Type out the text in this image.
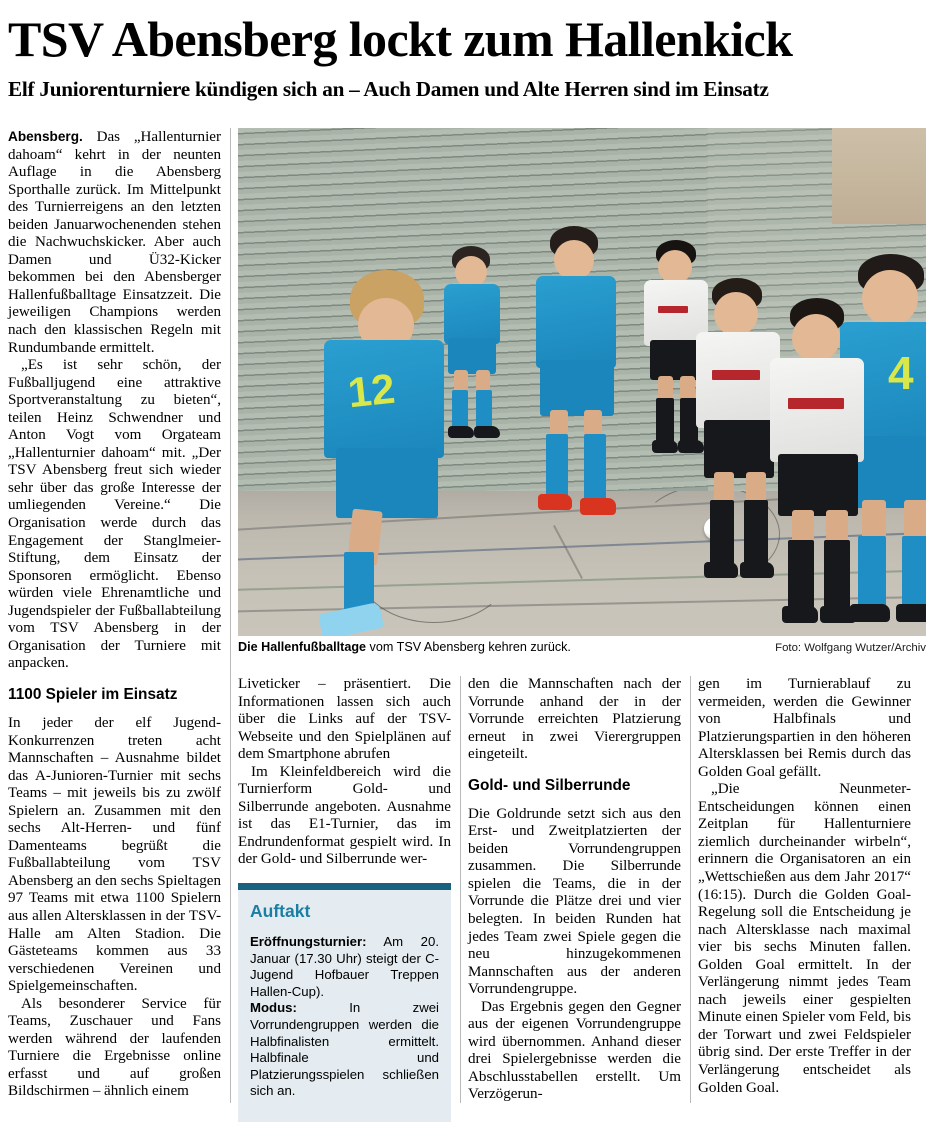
TSV Abensberg lockt zum Hallenkick
Elf Juniorenturniere kündigen sich an – Auch Damen und Alte Herren sind im Einsatz
12	4
Die Hallenfußballtage vom TSV Abensberg kehren zurück.	Foto: Wolfgang Wutzer/Archiv

Abensberg. Das „Hallenturnier dahoam“ kehrt in der neunten Auflage in die Abensberg Sporthalle zurück. Im Mittelpunkt des Turnierreigens an den letzten beiden Januarwochenenden stehen die Nachwuchskicker. Aber auch Damen und Ü32-Kicker bekommen bei den Abensberger Hallenfußballtage Einsatzzeit. Die jeweiligen Champions werden nach den klassischen Regeln mit Rundumbande ermittelt.

„Es ist sehr schön, der Fußballjugend eine attraktive Sportveranstaltung zu bieten“, teilen Heinz Schwendner und Anton Vogt vom Orgateam „Hallenturnier dahoam“ mit. „Der TSV Abensberg freut sich wieder sehr über das große Interesse der umliegenden Vereine.“ Die Organisation werde durch das Engagement der Stanglmeier-Stiftung, dem Einsatz der Sponsoren ermöglicht. Ebenso würden viele Ehrenamtliche und Jugendspieler der Fußballabteilung vom TSV Abensberg in der Organisation der Turniere mit anpacken.

1100 Spieler im Einsatz

In jeder der elf Jugend-Konkurrenzen treten acht Mannschaften – Ausnahme bildet das A-Junioren-Turnier mit sechs Teams – mit jeweils bis zu zwölf Spielern an. Zusammen mit den sechs Alt-Herren- und fünf Damenteams begrüßt die Fußballabteilung vom TSV Abensberg an den sechs Spieltagen 97 Teams mit etwa 1100 Spielern aus allen Altersklassen in der TSV-Halle am Alten Stadion. Die Gästeteams kommen aus 33 verschiedenen Vereinen und Spielgemeinschaften.

Als besonderer Service für Teams, Zuschauer und Fans werden während der laufenden Turniere die Ergebnisse online erfasst und auf großen Bildschirmen – ähnlich einem

Liveticker – präsentiert. Die Informationen lassen sich auch über die Links auf der TSV-Webseite und den Spielplänen auf dem Smartphone abrufen

Im Kleinfeldbereich wird die Turnierform Gold- und Silberrunde angeboten. Ausnahme ist das E1-Turnier, das im Endrundenformat gespielt wird. In der Gold- und Silberrunde wer-

Auftakt

Eröffnungsturnier: Am 20. Januar (17.30 Uhr) steigt der C-Jugend Hofbauer Treppen Hallen-Cup).

Modus: In zwei Vorrundengruppen werden die Halbfinalisten ermittelt. Halbfinale und Platzierungsspielen schließen sich an.

den die Mannschaften nach der Vorrunde anhand der in der Vorrunde erreichten Platzierung erneut in zwei Vierergruppen eingeteilt.

Gold- und Silberrunde

Die Goldrunde setzt sich aus den Erst- und Zweitplatzierten der beiden Vorrundengruppen zusammen. Die Silberrunde spielen die Teams, die in der Vorrunde die Plätze drei und vier belegten. In beiden Runden hat jedes Team zwei Spiele gegen die neu hinzugekommenen Mannschaften aus der anderen Vorrundengruppe.

Das Ergebnis gegen den Gegner aus der eigenen Vorrundengruppe wird übernommen. Anhand dieser drei Spielergebnisse werden die Abschlusstabellen erstellt. Um Verzögerun-

gen im Turnierablauf zu vermeiden, werden die Gewinner von Halbfinals und Platzierungspartien in den höheren Altersklassen bei Remis durch das Golden Goal gefällt.

„Die Neunmeter-Entscheidungen können einen Zeitplan für Hallenturniere ziemlich durcheinander wirbeln“, erinnern die Organisatoren an ein „Wettschießen aus dem Jahr 2017“ (16:15). Durch die Golden Goal-Regelung soll die Entscheidung je nach Altersklasse nach maximal vier bis sechs Minuten fallen. Golden Goal ermittelt. In der Verlängerung nimmt jedes Team nach jeweils einer gespielten Minute einen Spieler vom Feld, bis der Torwart und zwei Feldspieler übrig sind. Der erste Treffer in der Verlängerung entscheidet als Golden Goal.
